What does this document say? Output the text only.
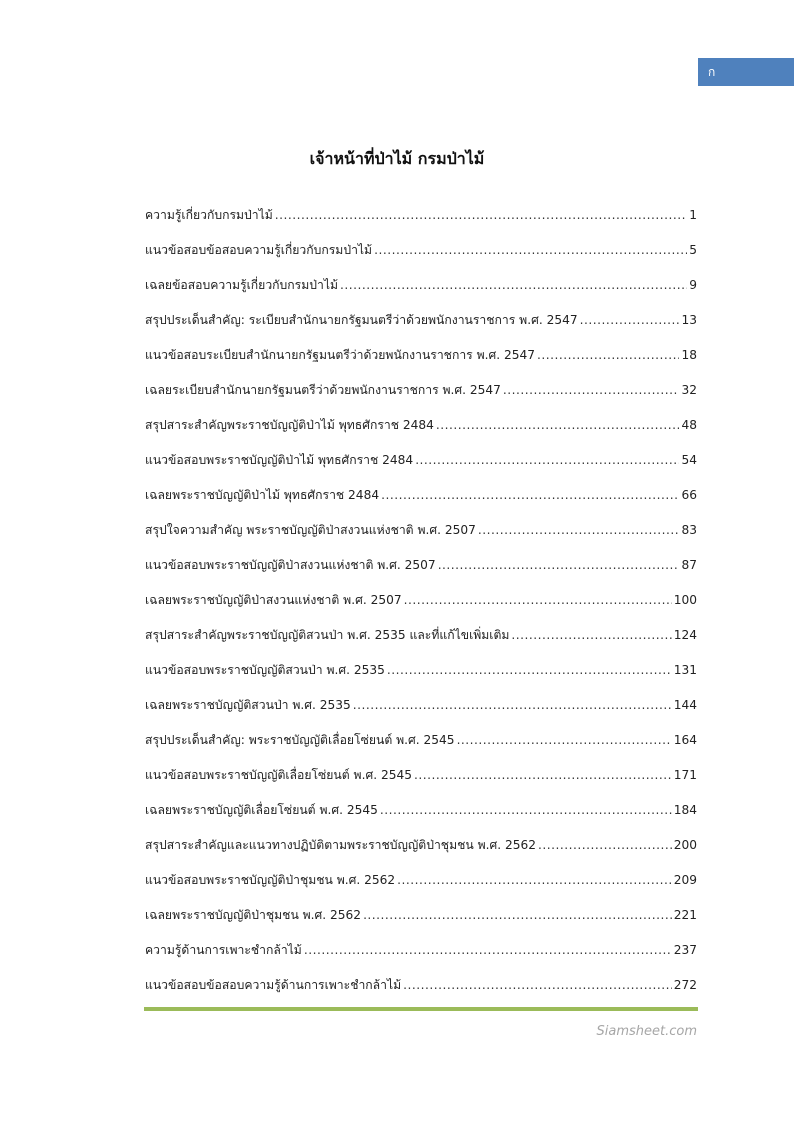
ก
เจ้าหน้าที่ป่าไม้ กรมป่าไม้
ความรู้เกี่ยวกับกรมป่าไม้ .....	1
แนวข้อสอบข้อสอบความรู้เกี่ยวกับกรมป่าไม้ .....	5
เฉลยข้อสอบความรู้เกี่ยวกับกรมป่าไม้ .....	9
สรุปประเด็นสำคัญ: ระเบียบสำนักนายกรัฐมนตรีว่าด้วยพนักงานราชการ พ.ศ. 2547 .....	13
แนวข้อสอบระเบียบสำนักนายกรัฐมนตรีว่าด้วยพนักงานราชการ พ.ศ. 2547 .....	18
เฉลยระเบียบสำนักนายกรัฐมนตรีว่าด้วยพนักงานราชการ พ.ศ. 2547 .....	32
สรุปสาระสำคัญพระราชบัญญัติป่าไม้ พุทธศักราช 2484 .....	48
แนวข้อสอบพระราชบัญญัติป่าไม้ พุทธศักราช 2484 .....	54
เฉลยพระราชบัญญัติป่าไม้ พุทธศักราช 2484 .....	66
สรุปใจความสำคัญ พระราชบัญญัติป่าสงวนแห่งชาติ พ.ศ. 2507 .....	83
แนวข้อสอบพระราชบัญญัติป่าสงวนแห่งชาติ พ.ศ. 2507 .....	87
เฉลยพระราชบัญญัติป่าสงวนแห่งชาติ พ.ศ. 2507 .....	100
สรุปสาระสำคัญพระราชบัญญัติสวนป่า พ.ศ. 2535 และที่แก้ไขเพิ่มเติม .....	124
แนวข้อสอบพระราชบัญญัติสวนป่า พ.ศ. 2535 .....	131
เฉลยพระราชบัญญัติสวนป่า พ.ศ. 2535 .....	144
สรุปประเด็นสำคัญ: พระราชบัญญัติเลื่อยโซ่ยนต์ พ.ศ. 2545 .....	164
แนวข้อสอบพระราชบัญญัติเลื่อยโซ่ยนต์ พ.ศ. 2545 .....	171
เฉลยพระราชบัญญัติเลื่อยโซ่ยนต์ พ.ศ. 2545 .....	184
สรุปสาระสำคัญและแนวทางปฏิบัติตามพระราชบัญญัติป่าชุมชน พ.ศ. 2562 .....	200
แนวข้อสอบพระราชบัญญัติป่าชุมชน พ.ศ. 2562 .....	209
เฉลยพระราชบัญญัติป่าชุมชน พ.ศ. 2562 .....	221
ความรู้ด้านการเพาะชำกล้าไม้ .....	237
แนวข้อสอบข้อสอบความรู้ด้านการเพาะชำกล้าไม้ .....	272
Siamsheet.com
